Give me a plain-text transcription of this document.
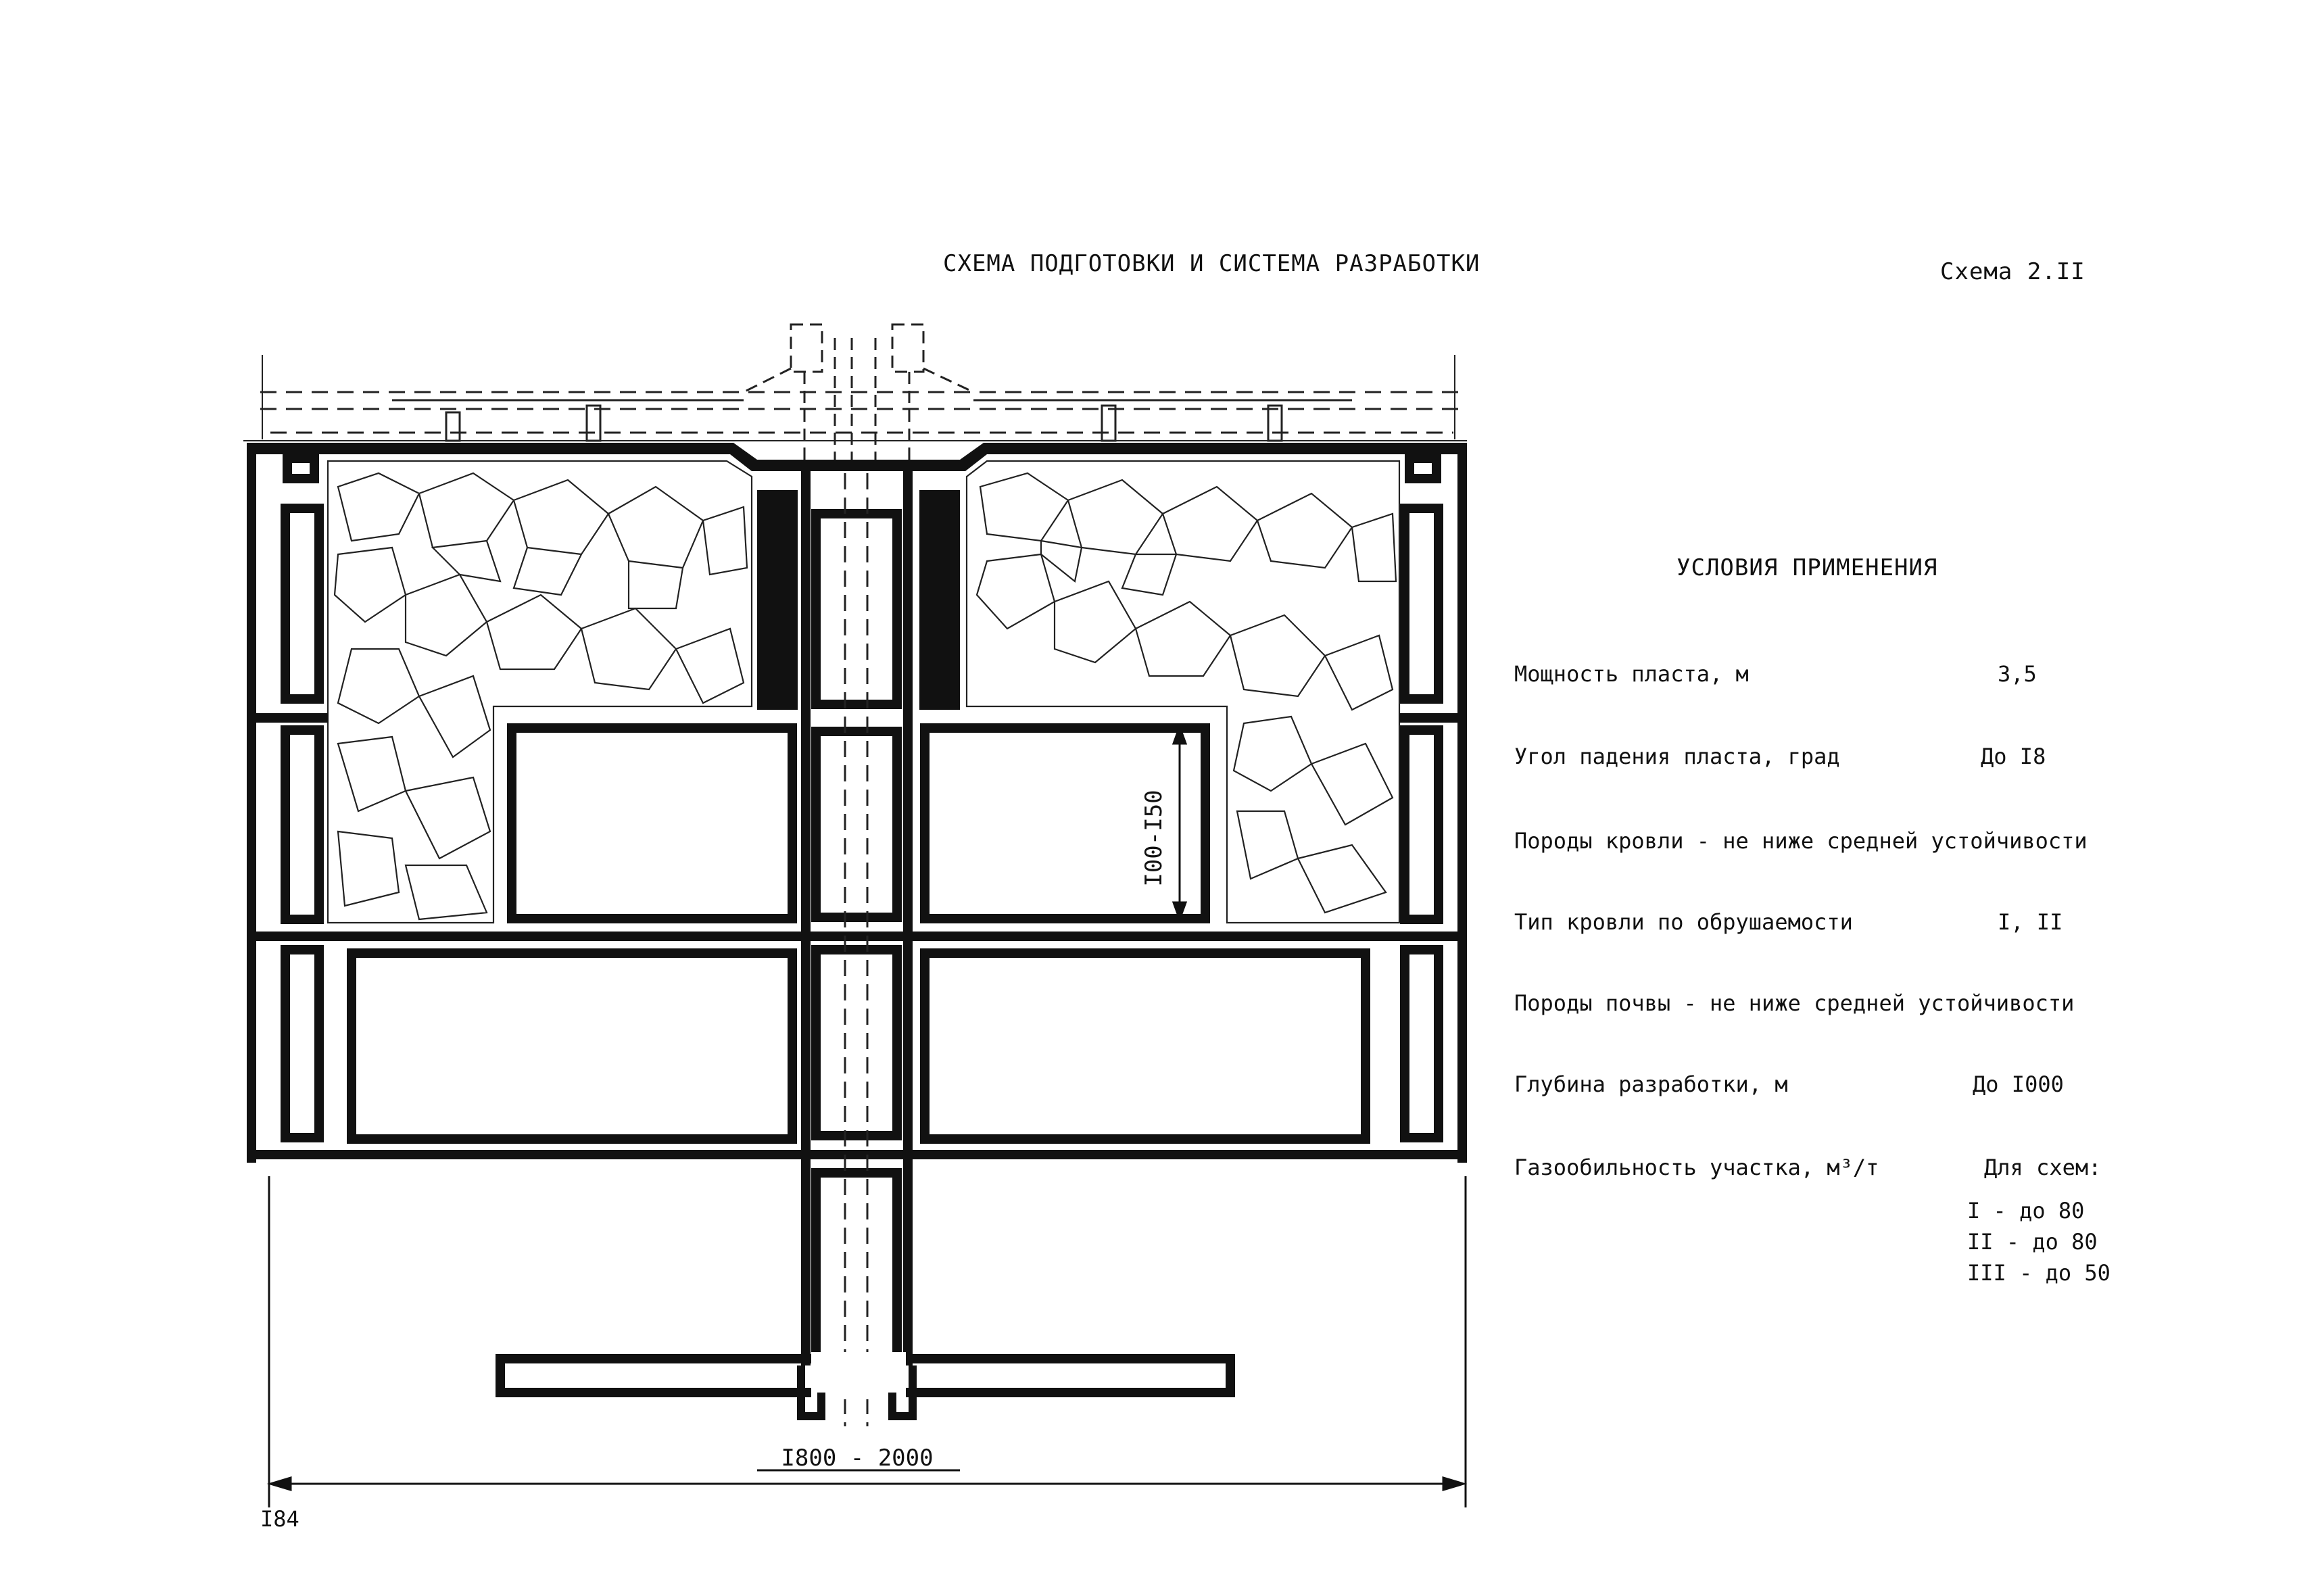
СХЕМА ПОДГОТОВКИ И СИСТЕМА РАЗРАБОТКИ	Схема 2.II
УСЛОВИЯ ПРИМЕНЕНИЯ
Мощность пласта, м	3,5
Угол падения пласта, град	До I8
Породы кровли - не ниже средней устойчивости
Тип кровли по обрушаемости	I, II
Породы почвы - не ниже средней устойчивости
Глубина разработки, м	До I000
Газообильность участка, м³/т	Для схем:
I - до 80
II - до 80
III - до 50
I84
I00-I50
I800 - 2000
